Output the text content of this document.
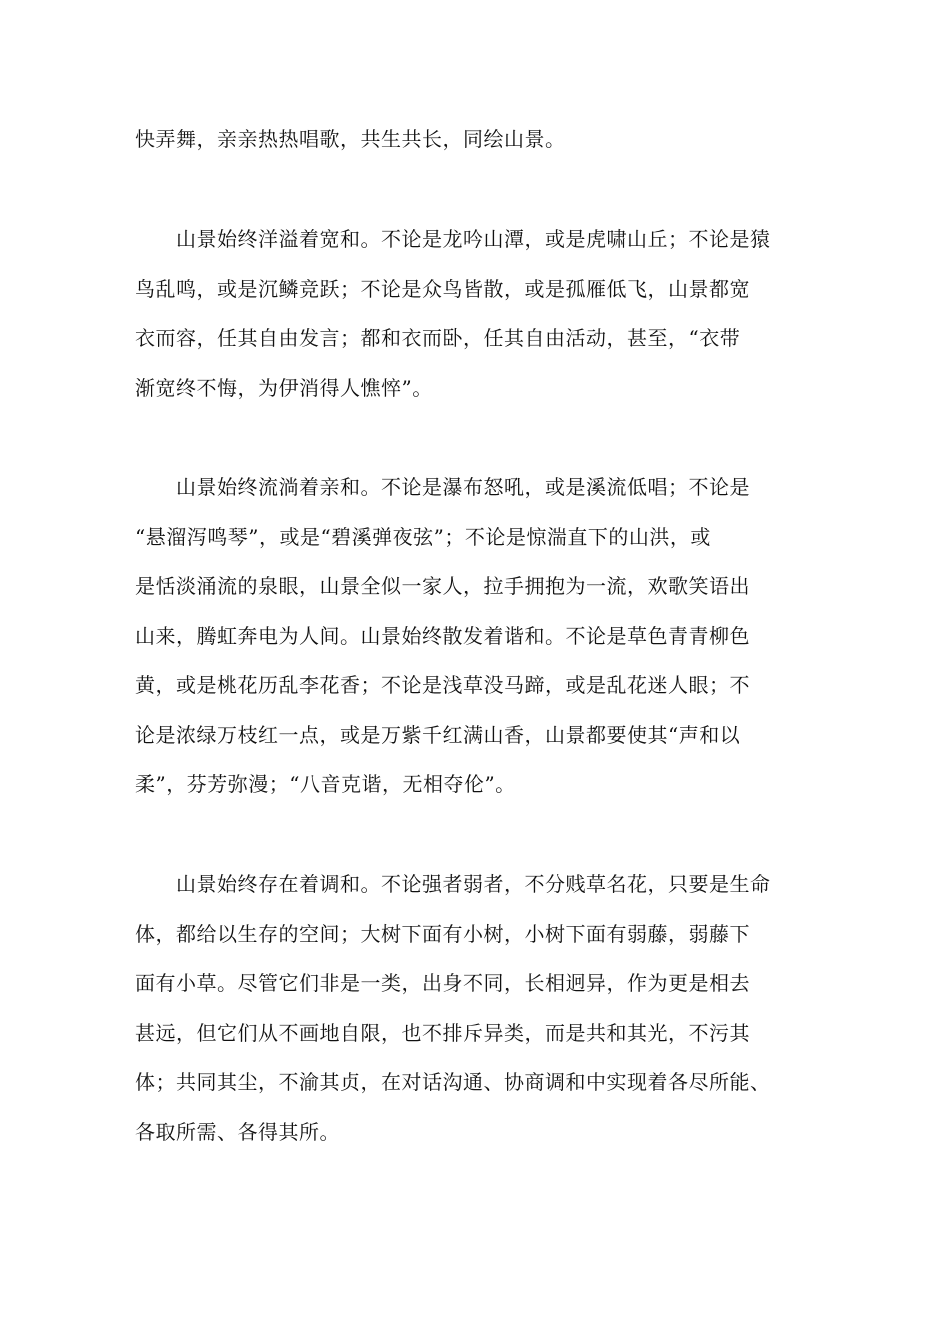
快弄舞，亲亲热热唱歌，共生共长，同绘山景。
　　山景始终洋溢着宽和。不论是龙吟山潭，或是虎啸山丘；不论是猿
鸟乱鸣，或是沉鳞竞跃；不论是众鸟皆散，或是孤雁低飞，山景都宽
衣而容，任其自由发言；都和衣而卧，任其自由活动，甚至，“衣带
渐宽终不悔，为伊消得人憔悴”。
　　山景始终流淌着亲和。不论是瀑布怒吼，或是溪流低唱；不论是
“悬溜泻鸣琴”，或是“碧溪弹夜弦”；不论是惊湍直下的山洪，或
是恬淡涌流的泉眼，山景全似一家人，拉手拥抱为一流，欢歌笑语出
山来，腾虹奔电为人间。山景始终散发着谐和。不论是草色青青柳色
黄，或是桃花历乱李花香；不论是浅草没马蹄，或是乱花迷人眼；不
论是浓绿万枝红一点，或是万紫千红满山香，山景都要使其“声和以
柔”，芬芳弥漫；“八音克谐，无相夺伦”。
　　山景始终存在着调和。不论强者弱者，不分贱草名花，只要是生命
体，都给以生存的空间；大树下面有小树，小树下面有弱藤，弱藤下
面有小草。尽管它们非是一类，出身不同，长相迥异，作为更是相去
甚远，但它们从不画地自限，也不排斥异类，而是共和其光，不污其
体；共同其尘，不渝其贞，在对话沟通、协商调和中实现着各尽所能、
各取所需、各得其所。
